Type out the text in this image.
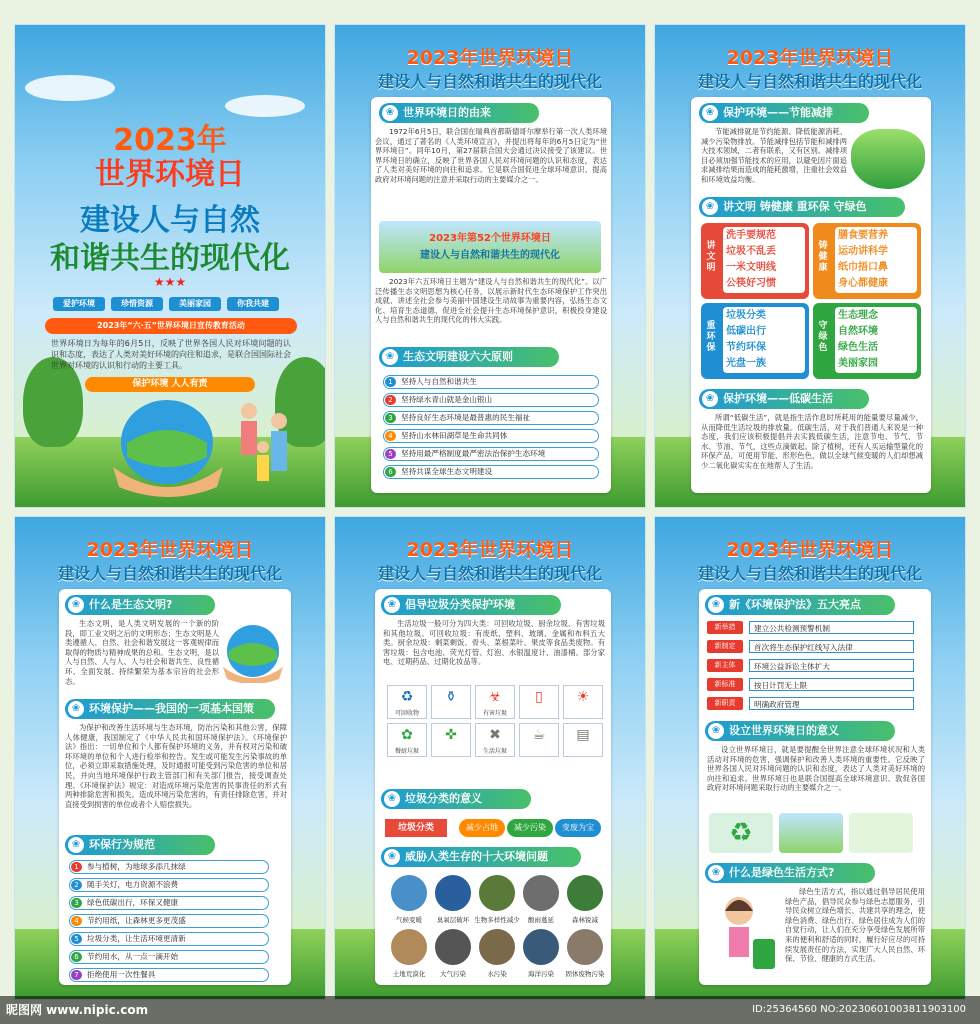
2023年
世界环境日
建设人与自然
和谐共生的现代化
★★★
爱护环境	珍惜资源	美丽家园	你我共建
2023年“六·五”世界环境日宣传教育活动
世界环境日为每年的6月5日，反映了世界各国人民对环境问题的认识和态度，表达了人类对美好环境的向往和追求，是联合国国际社会世界对环境的认识和行动的主要工具。
保护环境 人人有责
2023年世界环境日
建设人与自然和谐共生的现代化
❀ 世界环境日的由来
1972年6月5日，联合国在瑞典首都斯德哥尔摩举行第一次人类环境会议，通过了著名的《人类环境宣言》，并提出将每年的6月5日定为“世界环境日”。同年10月，第27届联合国大会通过决议接受了该建议。世界环境日的确立，反映了世界各国人民对环境问题的认识和态度，表达了人类对美好环境的向往和追求。它是联合国促进全球环境意识、提高政府对环境问题的注意并采取行动的主要媒介之一。
2023年第52个世界环境日
建设人与自然和谐共生的现代化
2023年六五环境日主题为“建设人与自然和谐共生的现代化”。以广泛传播生态文明思想为核心任务，以展示新时代生态环境保护工作突出成就、讲述全社会参与美丽中国建设生动故事为重要内容，弘扬生态文化、培育生态道德、促进全社会提升生态环境保护意识，积极投身建设人与自然和谐共生的现代化的伟大实践。
❀ 生态文明建设六大原则
1	坚持人与自然和谐共生
2	坚持绿水青山就是金山银山
3	坚持良好生态环境是最普惠的民生福祉
4	坚持山水林田湖草是生命共同体
5	坚持用最严格制度最严密法治保护生态环境
6	坚持共谋全球生态文明建设
2023年世界环境日
建设人与自然和谐共生的现代化
❀ 保护环境——节能减排
节能减排就是节约能源、降低能源消耗、减少污染物排放。节能减排包括节能和减排两大技术领域，二者有联系，又有区别。减排项目必须加强节能技术的应用，以避免因片面追求减排结果而造成的能耗激增，注重社会效益和环境效益均衡。
❀ 讲文明 铸健康 重环保 守绿色
讲文明
铸健康
重环保
守绿色
洗手要规范
垃圾不乱丢
一米文明线
公筷好习惯
膳食要营养
运动讲科学
纸巾捂口鼻
身心都健康
垃圾分类
低碳出行
节约环保
光盘一族
生态理念
自然环境
绿色生活
美丽家园
❀ 保护环境——低碳生活
所谓“低碳生活”，就是指生活作息时所耗用的能量要尽量减少，从而降低生活垃圾的排放量。低碳生活，对于我们普通人来说是一种态度，我们应该积极提倡并去实践低碳生活，注意节电、节气、节水、节油、节气，这些点滴做起。除了植树，还有人买运输型量化的环保产品，可使用节能、形形色色，做以全球气候变暖的人们却想减少二氧化碳实实在在地帮人了生活。
2023年世界环境日
建设人与自然和谐共生的现代化
❀ 什么是生态文明?
生态文明，是人类文明发展的一个新的阶段，即工业文明之后的文明形态；生态文明是人类遵循人、自然、社会和谐发展这一客观规律而取得的物质与精神成果的总和。生态文明，是以人与自然、人与人、人与社会和谐共生、良性循环、全面发展、持续繁荣为基本宗旨的社会形态。
❀ 环境保护——我国的一项基本国策
为保护和改善生活环境与生态环境，防治污染和其他公害，保障人体健康，我国制定了《中华人民共和国环境保护法》。《环境保护法》指出：一切单位和个人都有保护环境的义务，并有权对污染和破坏环境的单位和个人进行检举和控告。发生或可能发生污染事故的单位，必须立即采取措施处理，及时通报可能受到污染危害的单位和居民，并向当地环境保护行政主管部门和有关部门报告，接受调查处理。《环境保护法》规定：对造成环境污染危害的民事责任的形式有两种排除危害和损失。造成环境污染危害的，有责任排除危害，并对直接受到损害的单位或者个人赔偿损失。
❀ 环保行为规范
1	参与植树，为地球多添几抹绿
2	随手关灯，电力资源不浪费
3	绿色低碳出行，环保又健康
4	节约用纸，让森林更多更茂盛
5	垃圾分类，让生活环境更清新
6	节约用水，从一点一滴开始
7	拒绝使用一次性餐具
2023年世界环境日
建设人与自然和谐共生的现代化
❀ 倡导垃圾分类保护环境
生活垃圾一般可分为四大类：可回收垃圾、厨余垃圾、有害垃圾和其他垃圾。可回收垃圾：有废纸、塑料、玻璃、金属和布料五大类。厨余垃圾：剩菜剩饭、骨头、菜根菜叶、果皮等食品类废物。有害垃圾：包含电池、荧光灯管、灯泡、水银温度计、油漆桶、部分家电、过期药品、过期化妆品等。
♻
可回收物
⚱	☣
有害垃圾
▯	☀
✿
餐厨垃圾
✜	✖
生活垃圾
☕	▤
❀ 垃圾分类的意义
垃圾分类	减少占地	减少污染	变废为宝
❀ 威胁人类生存的十大环境问题
气候变暖	臭氧层破坏 生物多样性减少	酸雨蔓延	森林锐减
土地荒漠化	大气污染	水污染	海洋污染	固体废物污染
2023年世界环境日
建设人与自然和谐共生的现代化
❀ 新《环境保护法》五大亮点
新举措 建立公共检测预警机制
新制定 首次将生态保护红线写入法律
新主体 环境公益诉讼主体扩大
新标准 按日计罚无上限
新职责 明确政府管理
❀ 设立世界环境日的意义
设立世界环境日，就是要提醒全世界注意全球环境状况和人类活动对环境的危害，强调保护和改善人类环境的重要性。它反映了世界各国人民对环境问题的认识和态度，表达了人类对美好环境的向往和追求。世界环境日也是联合国提高全球环境意识、敦促各国政府对环境问题采取行动的主要媒介之一。
♻
❀ 什么是绿色生活方式?
绿色生活方式，指以通过倡导居民使用绿色产品，倡导民众参与绿色志愿服务，引导民众树立绿色增长、共建共享的理念，使绿色消费、绿色出行、绿色居住成为人们的自觉行动，让人们在充分享受绿色发展所带来的便利和舒适的同时，履行好应尽的可持续发展责任的方法，实现广大人民自然、环保、节俭、健康的方式生活。
昵图网 www.nipic.com	ID:25364560 NO:20230601003811903100
